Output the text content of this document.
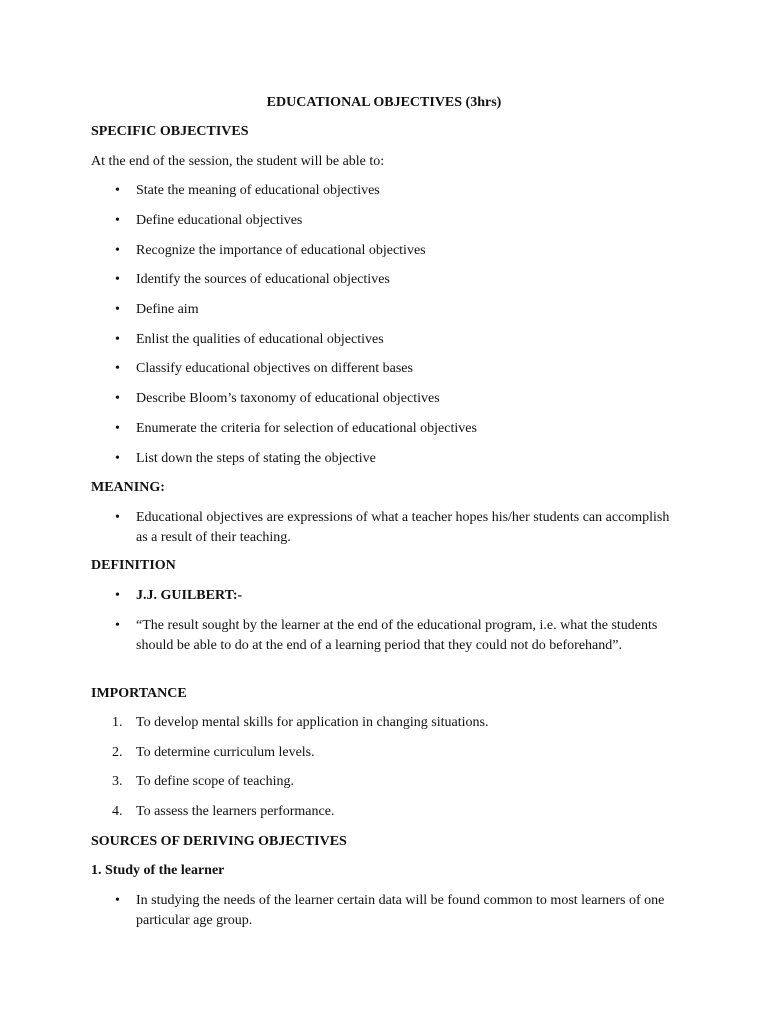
EDUCATIONAL OBJECTIVES (3hrs)
SPECIFIC OBJECTIVES
At the end of the session, the student will be able to:
• State the meaning of educational objectives
• Define educational objectives
• Recognize the importance of educational objectives
• Identify the sources of educational objectives
• Define aim
• Enlist the qualities of educational objectives
• Classify educational objectives on different bases
• Describe Bloom’s taxonomy of educational objectives
• Enumerate the criteria for selection of educational objectives
• List down the steps of stating the objective
MEANING:
• Educational objectives are expressions of what a teacher hopes his/her students can accomplish as a result of their teaching.
DEFINITION
• J.J. GUILBERT:-
• “The result sought by the learner at the end of the educational program, i.e. what the students should be able to do at the end of a learning period that they could not do beforehand”.
IMPORTANCE
1. To develop mental skills for application in changing situations.
2. To determine curriculum levels.
3. To define scope of teaching.
4. To assess the learners performance.
SOURCES OF DERIVING OBJECTIVES
1. Study of the learner
• In studying the needs of the learner certain data will be found common to most learners of one particular age group.
